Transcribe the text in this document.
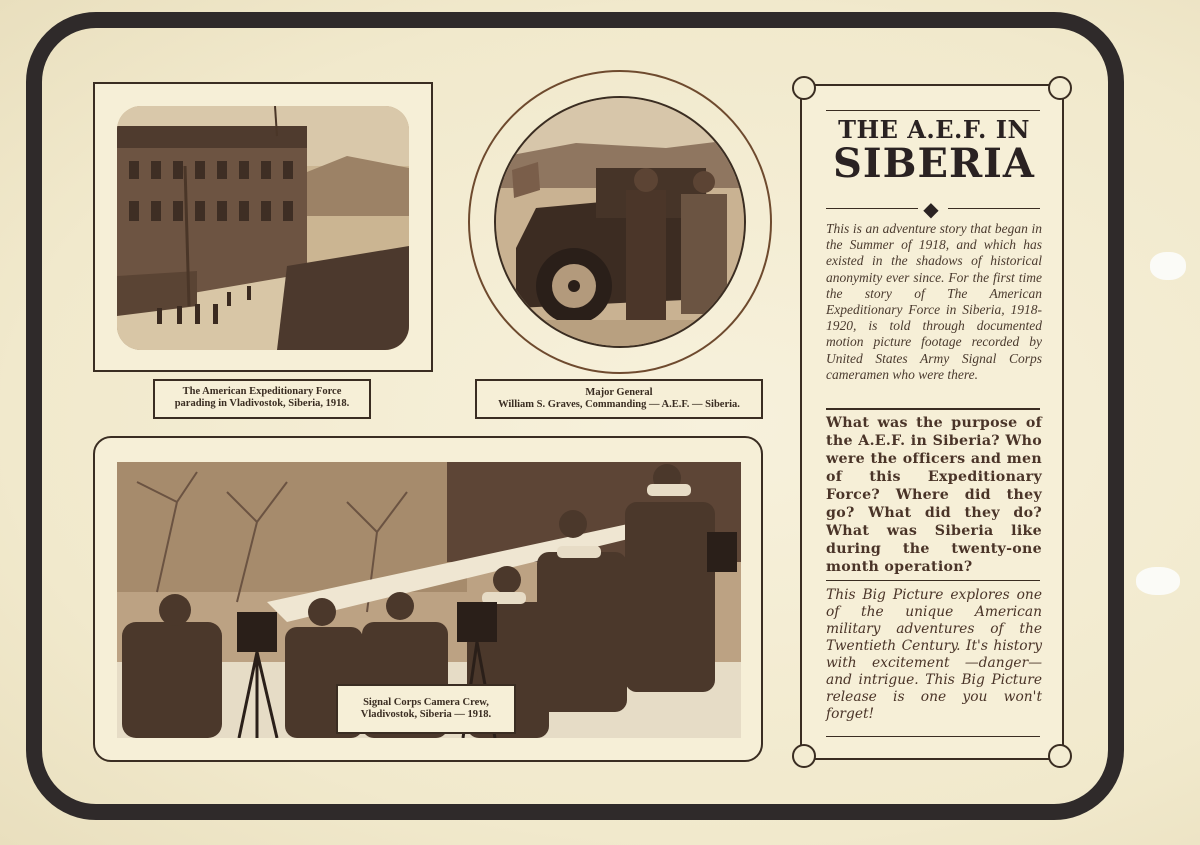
The American Expeditionary Force parading in Vladivostok, Siberia, 1918.
Major General
William S. Graves, Commanding — A.E.F. — Siberia.
Signal Corps Camera Crew, Vladivostok, Siberia — 1918.
THE A.E.F. IN
SIBERIA
◆
This is an adventure story that began in the Summer of 1918, and which has existed in the shadows of historical anonymity ever since. For the first time the story of The American Expeditionary Force in Siberia, 1918-1920, is told through documented motion picture footage recorded by United States Army Signal Corps cameramen who were there.
What was the purpose of the A.E.F. in Siberia? Who were the officers and men of this Expeditionary Force? Where did they go? What did they do? What was Siberia like during the twenty-one month operation?
This Big Picture explores one of the unique American military adventures of the Twentieth Century. It's history with excitement —danger—and intrigue. This Big Picture release is one you won't forget!
